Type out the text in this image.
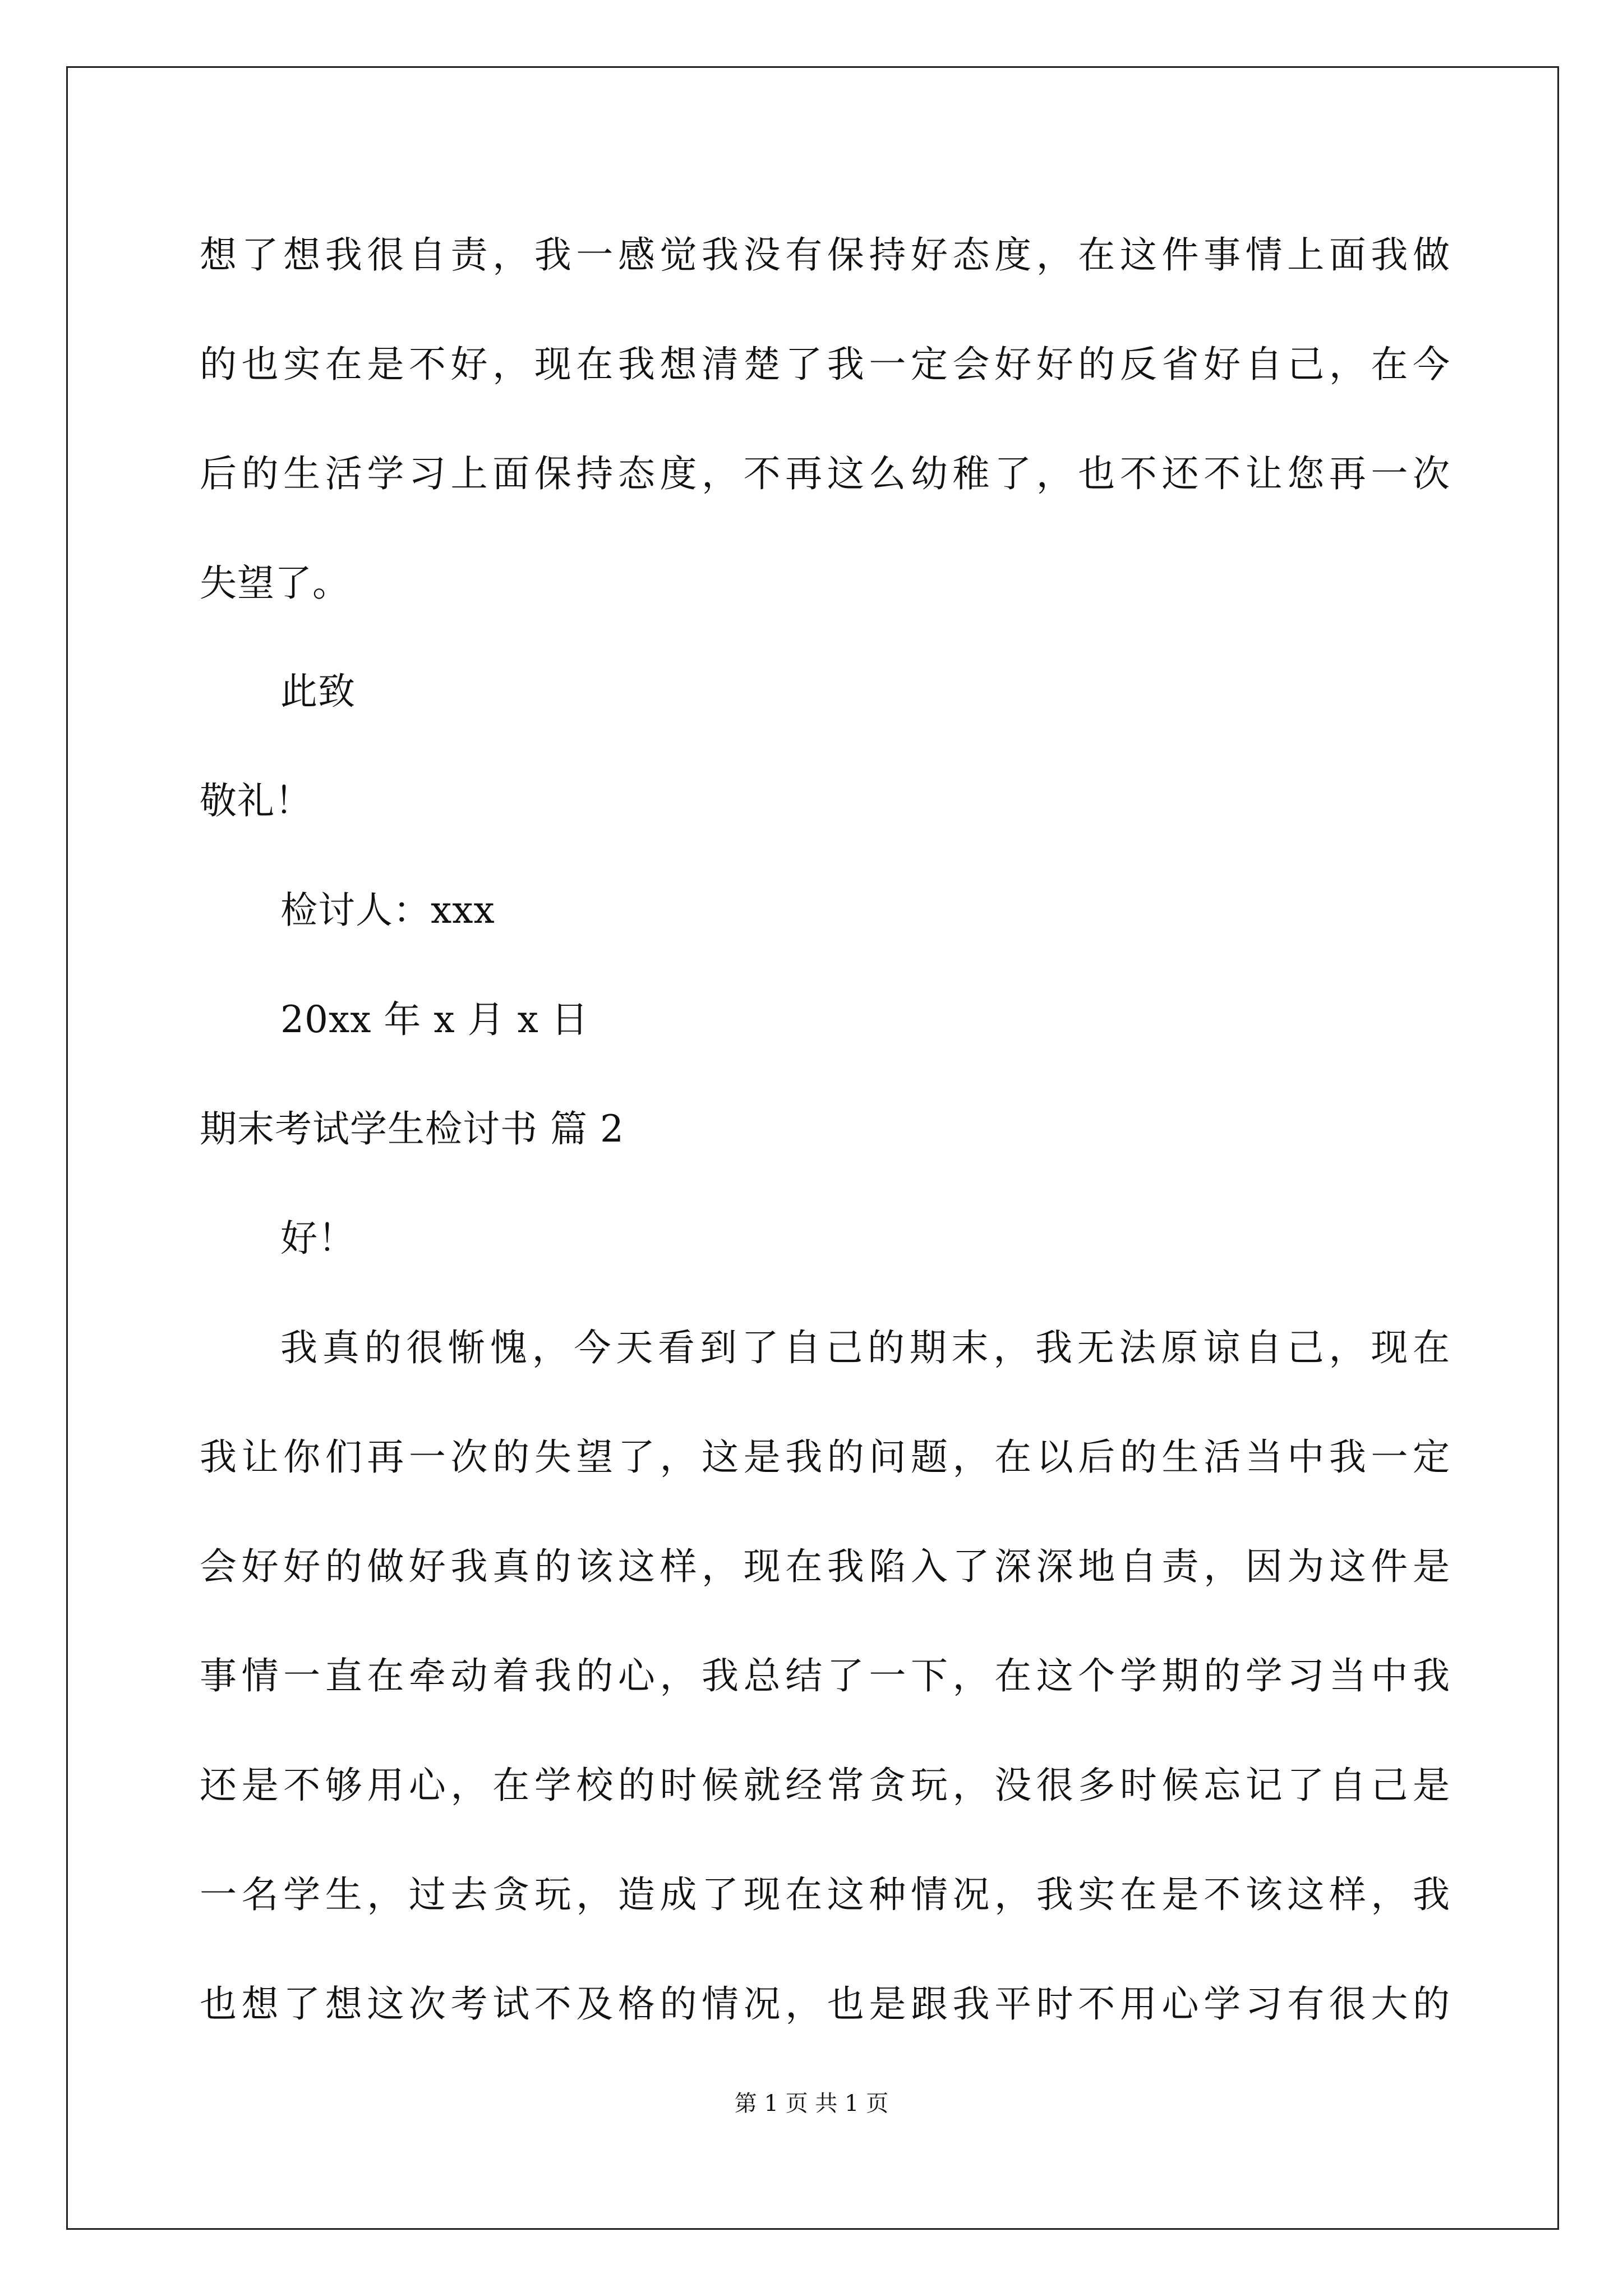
想了想我很自责，我一感觉我没有保持好态度，在这件事情上面我做
的也实在是不好，现在我想清楚了我一定会好好的反省好自己，在今
后的生活学习上面保持态度，不再这么幼稚了，也不还不让您再一次
失望了。
此致
敬礼！
检讨人：xxx
20xx 年 x 月 x 日
期末考试学生检讨书 篇 2
好！
我真的很惭愧，今天看到了自己的期末，我无法原谅自己，现在
我让你们再一次的失望了，这是我的问题，在以后的生活当中我一定
会好好的做好我真的该这样，现在我陷入了深深地自责，因为这件是
事情一直在牵动着我的心，我总结了一下，在这个学期的学习当中我
还是不够用心，在学校的时候就经常贪玩，没很多时候忘记了自己是
一名学生，过去贪玩，造成了现在这种情况，我实在是不该这样，我
也想了想这次考试不及格的情况，也是跟我平时不用心学习有很大的
第 1 页 共 1 页
